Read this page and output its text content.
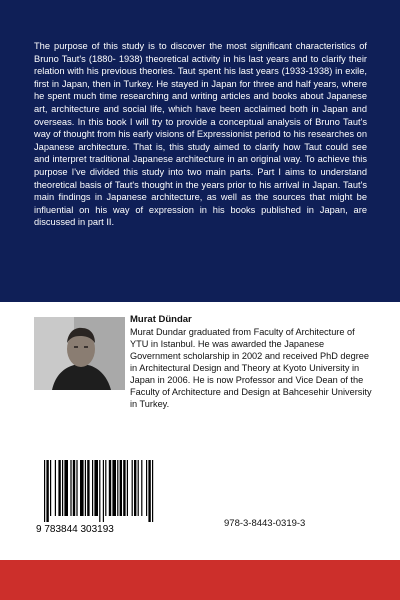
The purpose of this study is to discover the most significant characteristics of Bruno Taut's (1880- 1938) theoretical activity in his last years and to clarify their relation with his previous theories. Taut spent his last years (1933-1938) in exile, first in Japan, then in Turkey. He stayed in Japan for three and half years, where he spent much time researching and writing articles and books about Japanese art, architecture and social life, which have been acclaimed both in Japan and overseas. In this book I will try to provide a conceptual analysis of Bruno Taut's way of thought from his early visions of Expressionist period to his researches on Japanese architecture. That is, this study aimed to clarify how Taut could see and interpret traditional Japanese architecture in an original way. To achieve this purpose I've divided this study into two main parts. Part I aims to understand theoretical basis of Taut's thought in the years prior to his arrival in Japan. Taut's main findings in Japanese architecture, as well as the sources that might be influential on his way of expression in his books published in Japan, are discussed in part II.

Murat Dündar

Murat Dundar graduated from Faculty of Architecture of YTU in Istanbul. He was awarded the Japanese Government scholarship in 2002 and received PhD degree in Architectural Design and Theory at Kyoto University in Japan in 2006. He is now Professor and Vice Dean of the Faculty of Architecture and Design at Bahcesehir University in Turkey.

9 783844 303193

978-3-8443-0319-3
